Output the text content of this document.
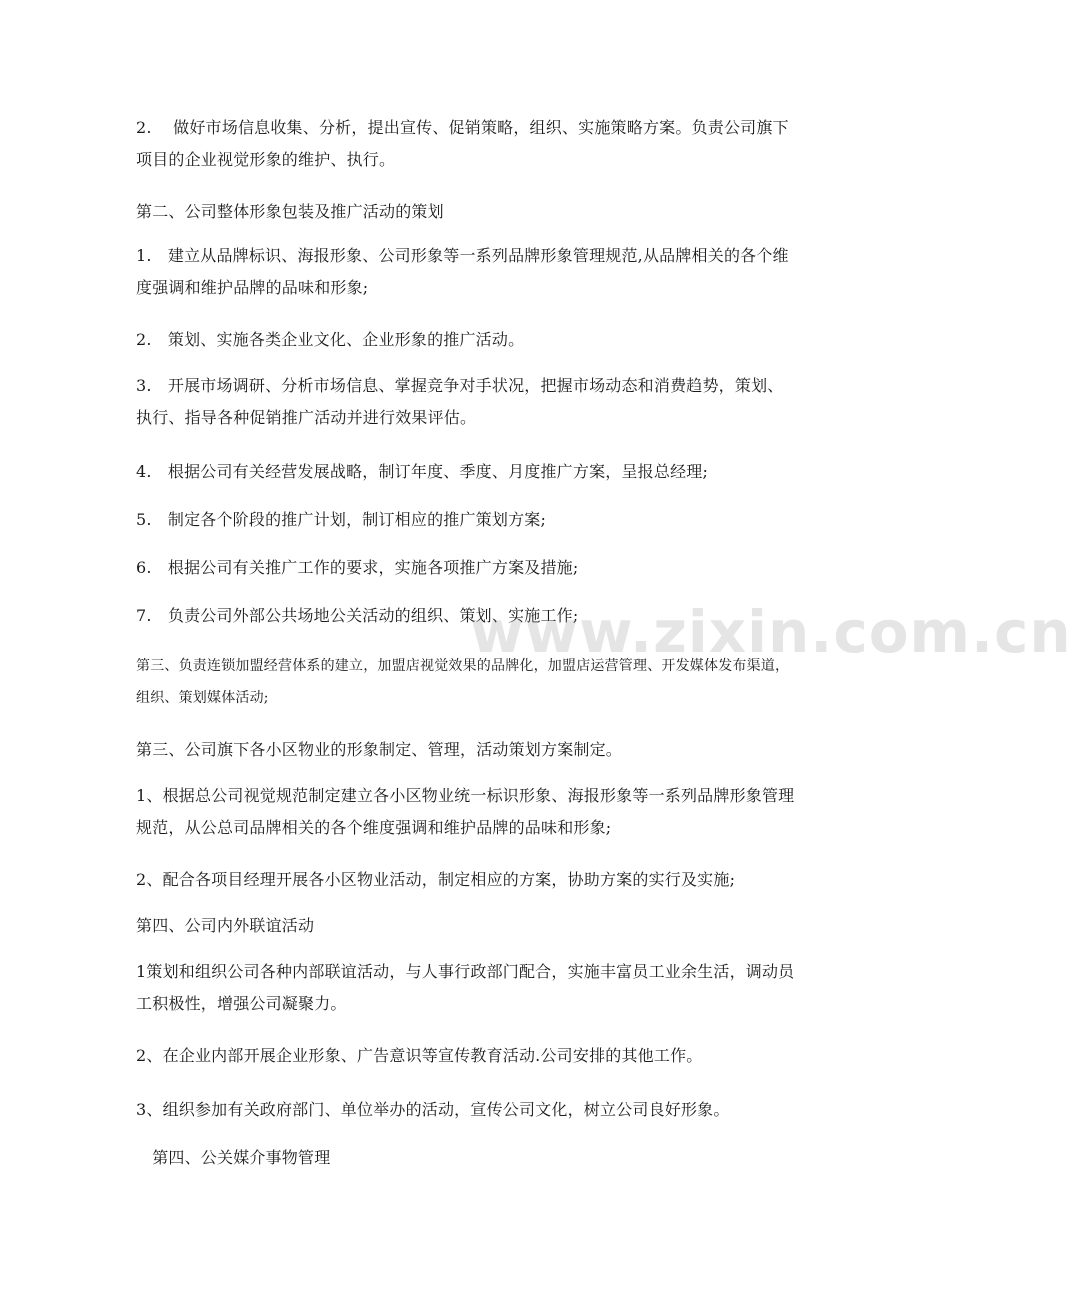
2.　 做好市场信息收集、分析，提出宣传、促销策略，组织、实施策略方案。负责公司旗下项目的企业视觉形象的维护、执行。

第二、公司整体形象包装及推广活动的策划

1.　建立从品牌标识、海报形象、公司形象等一系列品牌形象管理规范,从品牌相关的各个维度强调和维护品牌的品味和形象;

2.　策划、实施各类企业文化、企业形象的推广活动。

3.　开展市场调研、分析市场信息、掌握竞争对手状况，把握市场动态和消费趋势，策划、执行、指导各种促销推广活动并进行效果评估。

4.　根据公司有关经营发展战略，制订年度、季度、月度推广方案，呈报总经理;

5.　制定各个阶段的推广计划，制订相应的推广策划方案;

6.　根据公司有关推广工作的要求，实施各项推广方案及措施;

7.　负责公司外部公共场地公关活动的组织、策划、实施工作;

第三、负责连锁加盟经营体系的建立，加盟店视觉效果的品牌化，加盟店运营管理、开发媒体发布渠道，组织、策划媒体活动;

第三、公司旗下各小区物业的形象制定、管理，活动策划方案制定。

1、根据总公司视觉规范制定建立各小区物业统一标识形象、海报形象等一系列品牌形象管理规范，从公总司品牌相关的各个维度强调和维护品牌的品味和形象;

2、配合各项目经理开展各小区物业活动，制定相应的方案，协助方案的实行及实施;

第四、公司内外联谊活动

1策划和组织公司各种内部联谊活动，与人事行政部门配合，实施丰富员工业余生活，调动员工积极性，增强公司凝聚力。

2、在企业内部开展企业形象、广告意识等宣传教育活动.公司安排的其他工作。

3、组织参加有关政府部门、单位举办的活动，宣传公司文化，树立公司良好形象。

　第四、公关媒介事物管理

www.zixin.com.cn
